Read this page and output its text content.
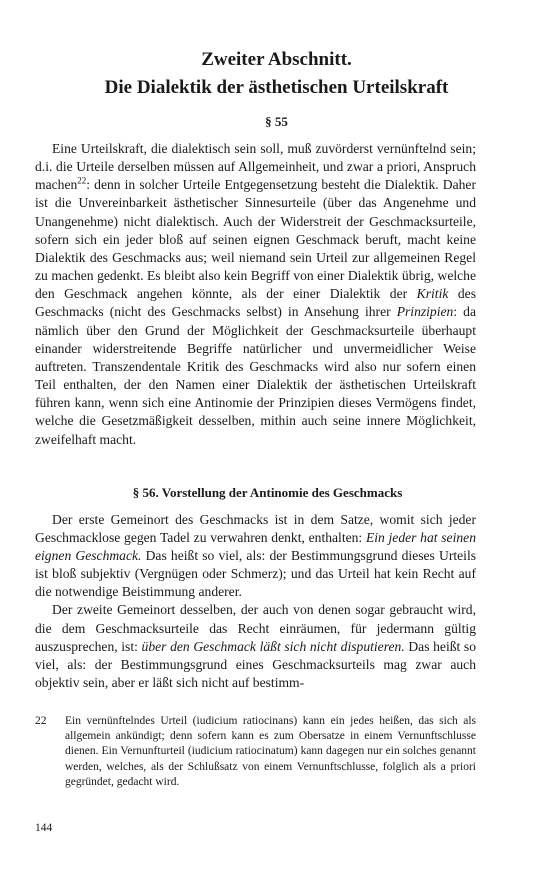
Zweiter Abschnitt.
Die Dialektik der ästhetischen Urteilskraft
§ 55

Eine Urteilskraft, die dialektisch sein soll, muß zuvörderst vernünftelnd sein; d.i. die Urteile derselben müssen auf Allgemeinheit, und zwar a priori, Anspruch machen$^{22}$: denn in solcher Urteile Entgegensetzung besteht die Dialektik. Daher ist die Unvereinbarkeit ästhetischer Sinnesurteile (über das Angenehme und Unangenehme) nicht dialektisch. Auch der Widerstreit der Geschmacksurteile, sofern sich ein jeder bloß auf seinen eignen Geschmack beruft, macht keine Dialektik des Geschmacks aus; weil niemand sein Urteil zur allgemeinen Regel zu machen gedenkt. Es bleibt also kein Begriff von einer Dialektik übrig, welche den Geschmack angehen könnte, als der einer Dialektik der Kritik des Geschmacks (nicht des Geschmacks selbst) in Ansehung ihrer Prinzipien: da nämlich über den Grund der Möglichkeit der Geschmacksurteile überhaupt einander widerstreitende Begriffe natürlicher und unvermeidlicher Weise auftreten. Transzendentale Kritik des Geschmacks wird also nur sofern einen Teil enthalten, der den Namen einer Dialektik der ästhetischen Urteilskraft führen kann, wenn sich eine Antinomie der Prinzipien dieses Vermögens findet, welche die Gesetzmäßigkeit desselben, mithin auch seine innere Möglichkeit, zweifelhaft macht.

§ 56. Vorstellung der Antinomie des Geschmacks

Der erste Gemeinort des Geschmacks ist in dem Satze, womit sich jeder Geschmacklose gegen Tadel zu verwahren denkt, enthalten: Ein jeder hat seinen eignen Geschmack. Das heißt so viel, als: der Bestimmungsgrund dieses Urteils ist bloß subjektiv (Vergnügen oder Schmerz); und das Urteil hat kein Recht auf die notwendige Beistimmung anderer.

Der zweite Gemeinort desselben, der auch von denen sogar gebraucht wird, die dem Geschmacksurteile das Recht einräumen, für jedermann gültig auszusprechen, ist: über den Geschmack läßt sich nicht disputieren. Das heißt so viel, als: der Bestimmungsgrund eines Geschmacksurteils mag zwar auch objektiv sein, aber er läßt sich nicht auf bestimm-

22	Ein vernünftelndes Urteil (iudicium ratiocinans) kann ein jedes heißen, das sich als allgemein ankündigt; denn sofern kann es zum Obersatze in einem Vernunftschlusse dienen. Ein Vernunfturteil (iudicium ratiocinatum) kann dagegen nur ein solches genannt werden, welches, als der Schlußsatz von einem Vernunftschlusse, folglich als a priori gegründet, gedacht wird.
144
